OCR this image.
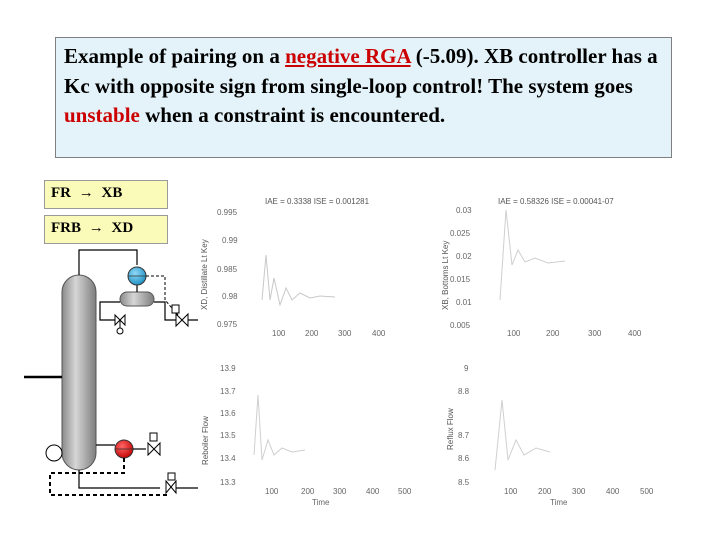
Example of pairing on a negative RGA (-5.09). XB controller has a Kc with opposite sign from single-loop control! The system goes unstable when a constraint is encountered.
FR → XB
FRB → XD
IAE = 0.3338 ISE = 0.001281
XD, Distillate Lt Key
0.995
0.99
0.985
0.98
0.975
100 200 300	400
IAE = 0.58326 ISE = 0.00041-07
XB, Bottoms Lt Key
0.03
0.025
0.02
0.015
0.01
0.005
100	200	300	400
Reboiler Flow
13.9
13.7
13.6
13.5
13.4
13.3
100	200 300 400 500
Time
Reflux Flow
9
8.8
8.7
8.6
8.5
100	200	300	400	500
Time
